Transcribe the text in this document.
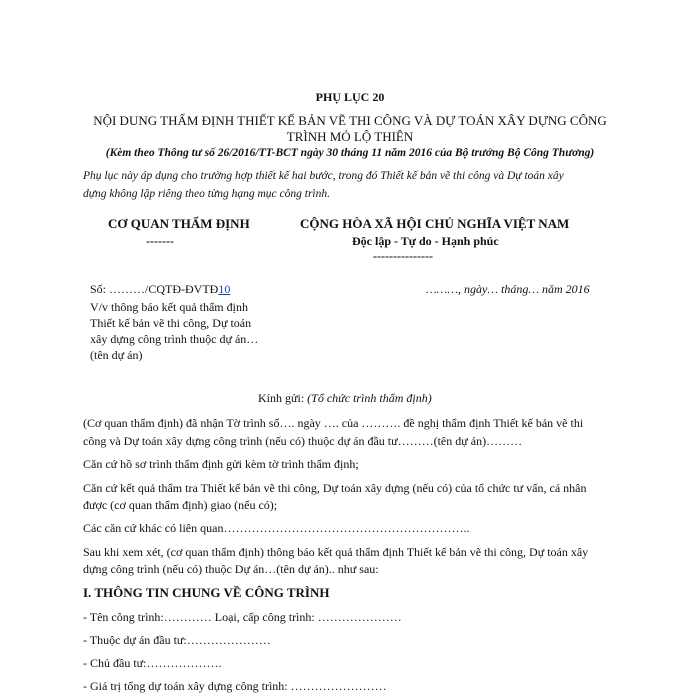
PHỤ LỤC 20
NỘI DUNG THẨM ĐỊNH THIẾT KẾ BẢN VẼ THI CÔNG VÀ DỰ TOÁN XÂY DỰNG CÔNG
TRÌNH MỎ LỘ THIÊN
(Kèm theo Thông tư số 26/2016/TT-BCT ngày 30 tháng 11 năm 2016 của Bộ trưởng Bộ Công Thương)
Phụ lục này áp dụng cho trường hợp thiết kế hai bước, trong đó Thiết kế bản vẽ thi công và Dự toán xây
dựng không lập riêng theo từng hạng mục công trình.
CƠ QUAN THẨM ĐỊNH
-------
CỘNG HÒA XÃ HỘI CHỦ NGHĨA VIỆT NAM
Độc lập - Tự do - Hạnh phúc
---------------
Số: ………/CQTĐ-ĐVTĐ10	………, ngày… tháng… năm 2016
V/v thông báo kết quả thẩm định
Thiết kế bản vẽ thi công, Dự toán
xây dựng công trình thuộc dự án…
(tên dự án)
Kính gửi: (Tổ chức trình thẩm định)
(Cơ quan thẩm định) đã nhận Tờ trình số…. ngày …. của ………. đề nghị thẩm định Thiết kế bản vẽ thi
công và Dự toán xây dựng công trình (nếu có) thuộc dự án đầu tư………(tên dự án)………
Căn cứ hồ sơ trình thẩm định gửi kèm tờ trình thẩm định;
Căn cứ kết quả thẩm tra Thiết kế bản vẽ thi công, Dự toán xây dựng (nếu có) của tổ chức tư vấn, cá nhân
được (cơ quan thẩm định) giao (nếu có);
Các căn cứ khác có liên quan……………………………………………………..
Sau khi xem xét, (cơ quan thẩm định) thông báo kết quả thẩm định Thiết kế bản vẽ thi công, Dự toán xây
dựng công trình (nếu có) thuộc Dự án…(tên dự án).. như sau:
I. THÔNG TIN CHUNG VỀ CÔNG TRÌNH
- Tên công trình:………… Loại, cấp công trình: …………………
- Thuộc dự án đầu tư:…………………
- Chủ đầu tư:……………….
- Giá trị tổng dự toán xây dựng công trình: ……………………
